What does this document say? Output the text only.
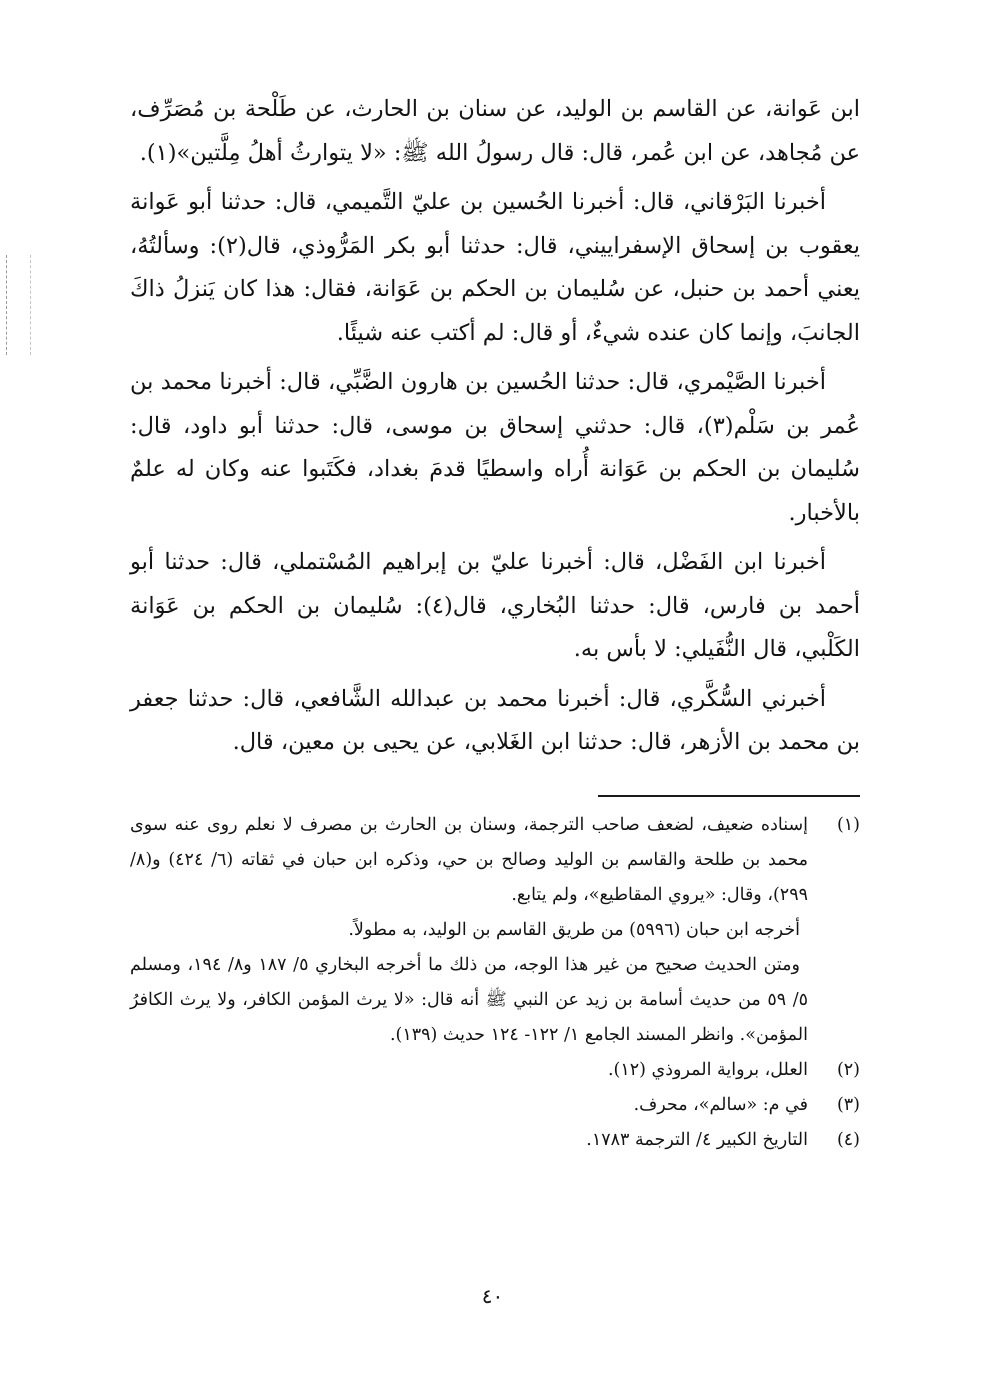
ابن عَوانة، عن القاسم بن الوليد، عن سنان بن الحارث، عن طَلْحة بن مُصَرِّف، عن مُجاهد، عن ابن عُمر، قال: قال رسولُ الله ﷺ: «لا يتوارثُ أهلُ مِلَّتين»(١).

أخبرنا البَرْقاني، قال: أخبرنا الحُسين بن عليّ التَّميمي، قال: حدثنا أبو عَوانة يعقوب بن إسحاق الإسفراييني، قال: حدثنا أبو بكر المَرُّوذي، قال(٢): وسألتُهُ، يعني أحمد بن حنبل، عن سُليمان بن الحكم بن عَوَانة، فقال: هذا كان يَنزلُ ذاكَ الجانبَ، وإنما كان عنده شيءٌ، أو قال: لم أكتب عنه شيئًا.

أخبرنا الصَّيْمري، قال: حدثنا الحُسين بن هارون الضَّبِّي، قال: أخبرنا محمد بن عُمر بن سَلْم(٣)، قال: حدثني إسحاق بن موسى، قال: حدثنا أبو داود، قال: سُليمان بن الحكم بن عَوَانة أُراه واسطيًا قدمَ بغداد، فكَتَبوا عنه وكان له علمٌ بالأخبار.

أخبرنا ابن الفَضْل، قال: أخبرنا عليّ بن إبراهيم المُسْتملي، قال: حدثنا أبو أحمد بن فارس، قال: حدثنا البُخاري، قال(٤): سُليمان بن الحكم بن عَوَانة الكَلْبي، قال النُّفَيلي: لا بأس به.

أخبرني السُّكَّري، قال: أخبرنا محمد بن عبدالله الشَّافعي، قال: حدثنا جعفر بن محمد بن الأزهر، قال: حدثنا ابن الغَلابي، عن يحيى بن معين، قال.

(١)
إسناده ضعيف، لضعف صاحب الترجمة، وسنان بن الحارث بن مصرف لا نعلم روى عنه سوى محمد بن طلحة والقاسم بن الوليد وصالح بن حي، وذكره ابن حبان في ثقاته (٦/ ٤٢٤) و(٨/ ٢٩٩)، وقال: «يروي المقاطيع»، ولم يتابع.
أخرجه ابن حبان (٥٩٩٦) من طريق القاسم بن الوليد، به مطولاً.
ومتن الحديث صحيح من غير هذا الوجه، من ذلك ما أخرجه البخاري ٥/ ١٨٧ و٨/ ١٩٤، ومسلم ٥/ ٥٩ من حديث أسامة بن زيد عن النبي ﷺ أنه قال: «لا يرث المؤمن الكافر، ولا يرث الكافرُ المؤمن». وانظر المسند الجامع ١/ ١٢٢- ١٢٤ حديث (١٣٩).
(٢)
العلل، برواية المروذي (١٢).
(٣)
في م: «سالم»، محرف.
(٤)
التاريخ الكبير ٤/ الترجمة ١٧٨٣.
٤٠
